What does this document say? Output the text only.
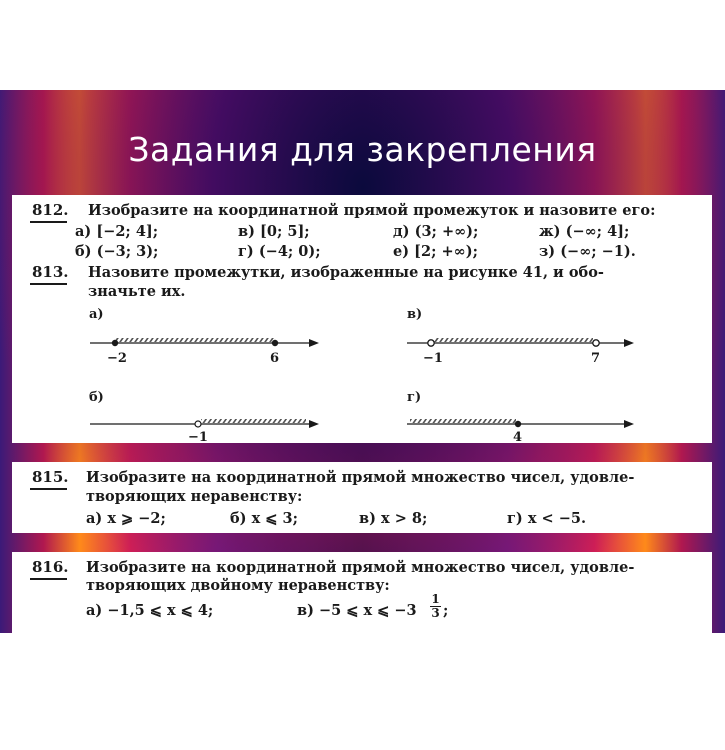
Задания для закрепления
812. Изобразите на координатной прямой промежуток и назовите его:
а) [−2; 4];	в) [0; 5];	д) (3; +∞);	ж) (−∞; 4];
б) (−3; 3);	г) (−4; 0);	е) [2; +∞);	з) (−∞; −1).
813. Назовите промежутки, изображенные на рисунке 41, и обо-
значьте их.
а)	в)
б)	г)
−2	6	−1	7
−1	4
815. Изобразите на координатной прямой множество чисел, удовле-
творяющих неравенству:
а) x ⩾ −2;	б) x ⩽ 3;	в) x > 8;	г) x < −5.
816. Изобразите на координатной прямой множество чисел, удовле-
творяющих двойному неравенству:
а) −1,5 ⩽ x ⩽ 4;	в) −5 ⩽ x ⩽ $-3 \frac{1}{3}$ ;
